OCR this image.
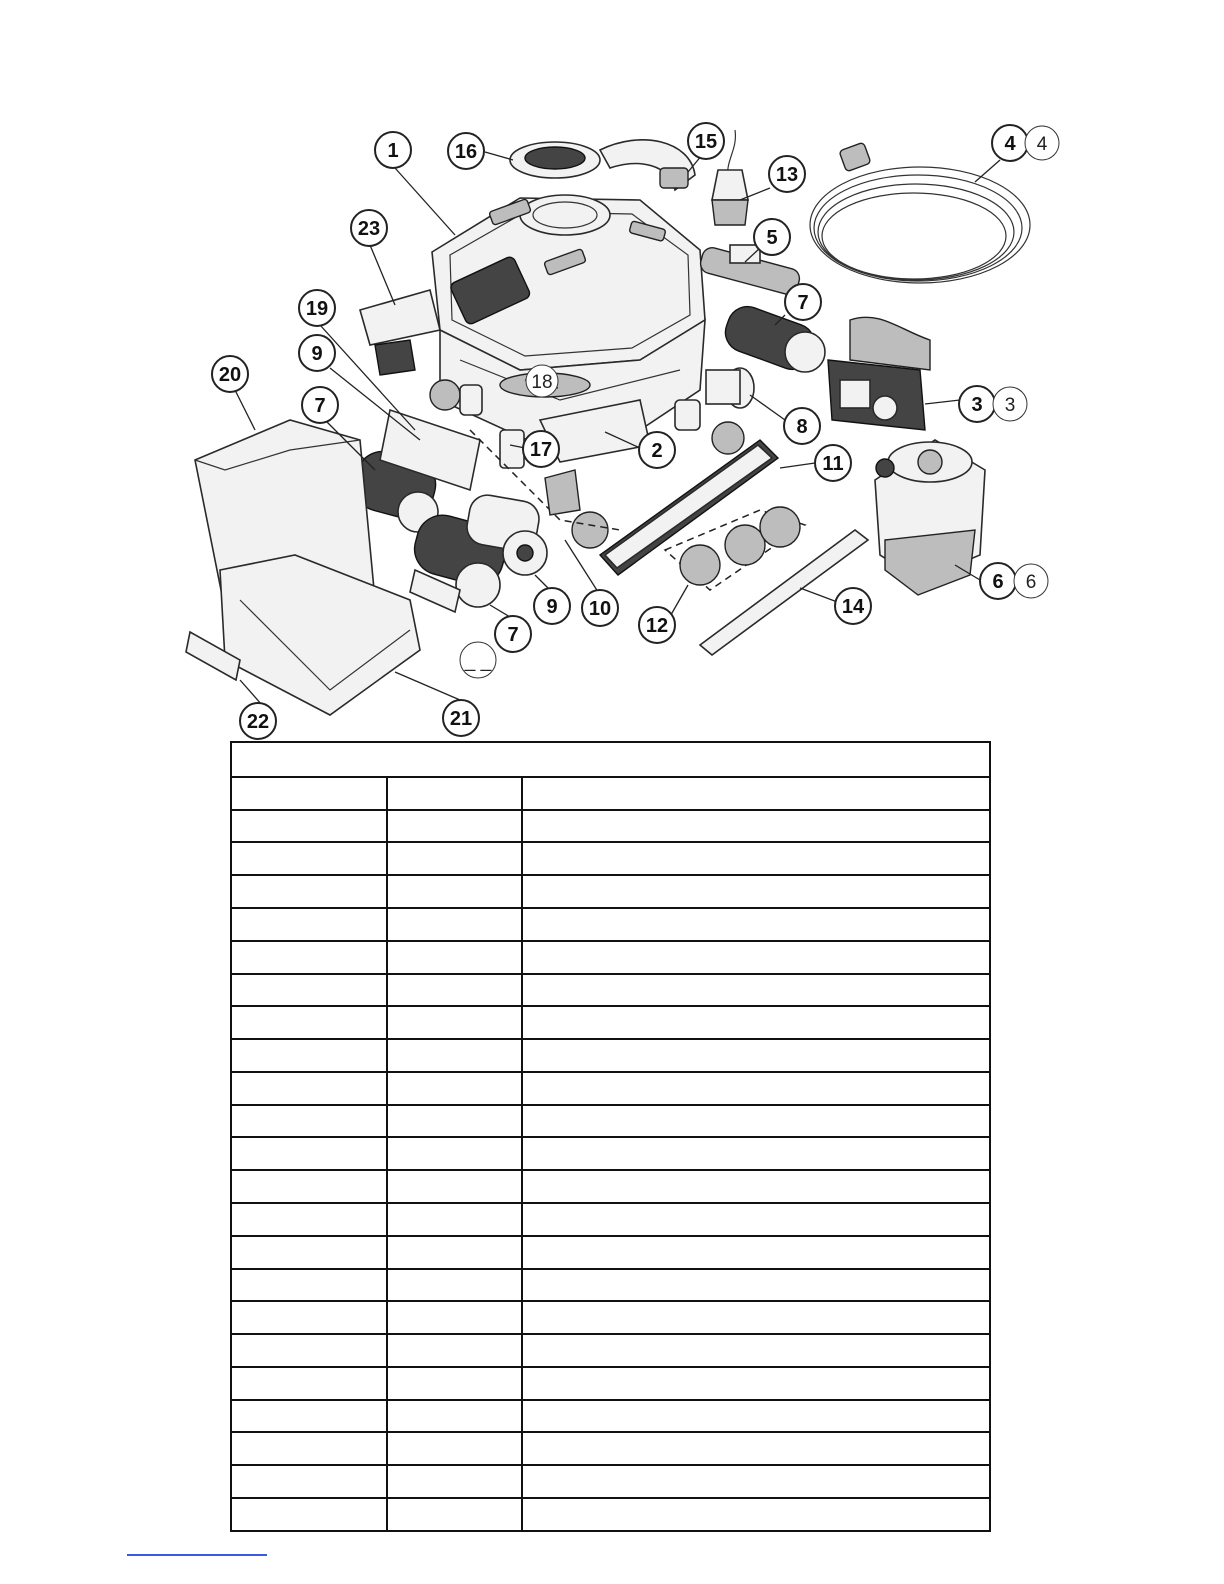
1
2
3 3
4 4
5
6 6
7
7
7
8
9
9 10
11
12
13
14
15
16
17
18
19
20
21
22
23
_ _
